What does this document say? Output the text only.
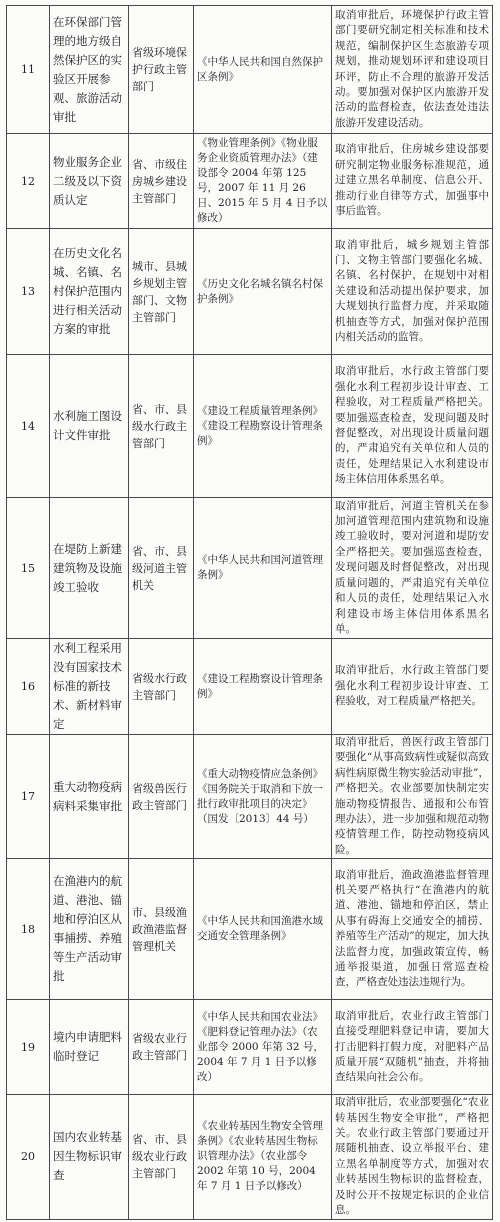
11	在环保部门管理的地方级自然保护区的实验区开展参观、旅游活动审批	省级环境保护行政主管部门	《中华人民共和国自然保护区条例》	取消审批后，环境保护行政主管部门要研究制定相关标准和技术规范，编制保护区生态旅游专项规划，推动规划环评和建设项目环评，防止不合理的旅游开发活动。要加强对保护区内旅游开发活动的监督检查，依法查处违法旅游开发建设活动。
12	物业服务企业二级及以下资质认定	省、市级住房城乡建设主管部门	《物业管理条例》《物业服务企业资质管理办法》（建设部令 2004 年第 125 号，2007 年 11 月 26 日、2015 年 5 月 4 日予以修改）	取消审批后，住房城乡建设部要研究制定物业服务标准规范，通过建立黑名单制度、信息公开、推动行业自律等方式，加强事中事后监管。
13	在历史文化名城、名镇、名村保护范围内进行相关活动方案的审批	城市、县城乡规划主管部门、文物主管部门	《历史文化名城名镇名村保护条例》	取消审批后，城乡规划主管部门、文物主管部门要强化名城、名镇、名村保护，在规划中对相关建设和活动提出保护要求，加大规划执行监督力度，并采取随机抽查等方式，加强对保护范围内相关活动的监管。
14	水利施工图设计文件审批	省、市、县级水行政主管部门	《建设工程质量管理条例》《建设工程勘察设计管理条例》	取消审批后，水行政主管部门要强化水利工程初步设计审查、工程验收，对工程质量严格把关。要加强巡查检查，发现问题及时督促整改，对出现设计质量问题的，严肃追究有关单位和人员的责任，处理结果记入水利建设市场主体信用体系黑名单。
15	在堤防上新建建筑物及设施竣工验收	省、市、县级河道主管机关	《中华人民共和国河道管理条例》	取消审批后，河道主管机关在参加河道管理范围内建筑物和设施竣工验收时，要对河道和堤防安全严格把关。要加强巡查检查，发现问题及时督促整改，对出现质量问题的，严肃追究有关单位和人员的责任，处理结果记入水利建设市场主体信用体系黑名单。
16	水利工程采用没有国家技术标准的新技术、新材料审定	省级水行政主管部门	《建设工程勘察设计管理条例》	取消审批后，水行政主管部门要强化水利工程初步设计审查、工程验收，对工程质量严格把关。
17	重大动物疫病病料采集审批	省级兽医行政主管部门	《重大动物疫情应急条例》《国务院关于取消和下放一批行政审批项目的决定》（国发〔2013〕44 号）	取消审批后，兽医行政主管部门要强化“从事高致病性或疑似高致病性病原微生物实验活动审批”，严格把关。农业部要加快制定实施动物疫情报告、通报和公布管理办法），进一步加强和规范动物疫情管理工作，防控动物疫病风险。
18	在渔港内的航道、港池、锚地和停泊区从事捕捞、养殖等生产活动审批	市、县级渔政渔港监督管理机关	《中华人民共和国渔港水域交通安全管理条例》	取消审批后，渔政渔港监督管理机关要严格执行“在渔港内的航道、港池、锚地和停泊区，禁止从事有碍海上交通安全的捕捞、养殖等生产活动”的规定，加大执法监督力度，加强政策宣传，畅通举报渠道，加强日常巡查检查，严格查处违法违规行为。
19	境内申请肥料临时登记	省级农业行政主管部门	《中华人民共和国农业法》《肥料登记管理办法》（农业部令 2000 年第 32 号，2004 年 7 月 1 日予以修改）	取消审批后，农业行政主管部门直接受理肥料登记申请，要加大打击肥料打假力度，对肥料产品质量开展“双随机”抽查，并将抽查结果向社会公布。
20	国内农业转基因生物标识审查	省、市、县级农业行政主管部门	《农业转基因生物安全管理条例》《农业转基因生物标识管理办法》（农业部令 2002 年第 10 号，2004 年 7 月 1 日予以修改）	取消审批后，农业部要强化“农业转基因生物安全审批”，严格把关。农业行政主管部门要通过开展随机抽查、设立举报平台、建立黑名单制度等方式，加强对农业转基因生物标识的监督检查，及时公开不按规定标识的企业信息。
